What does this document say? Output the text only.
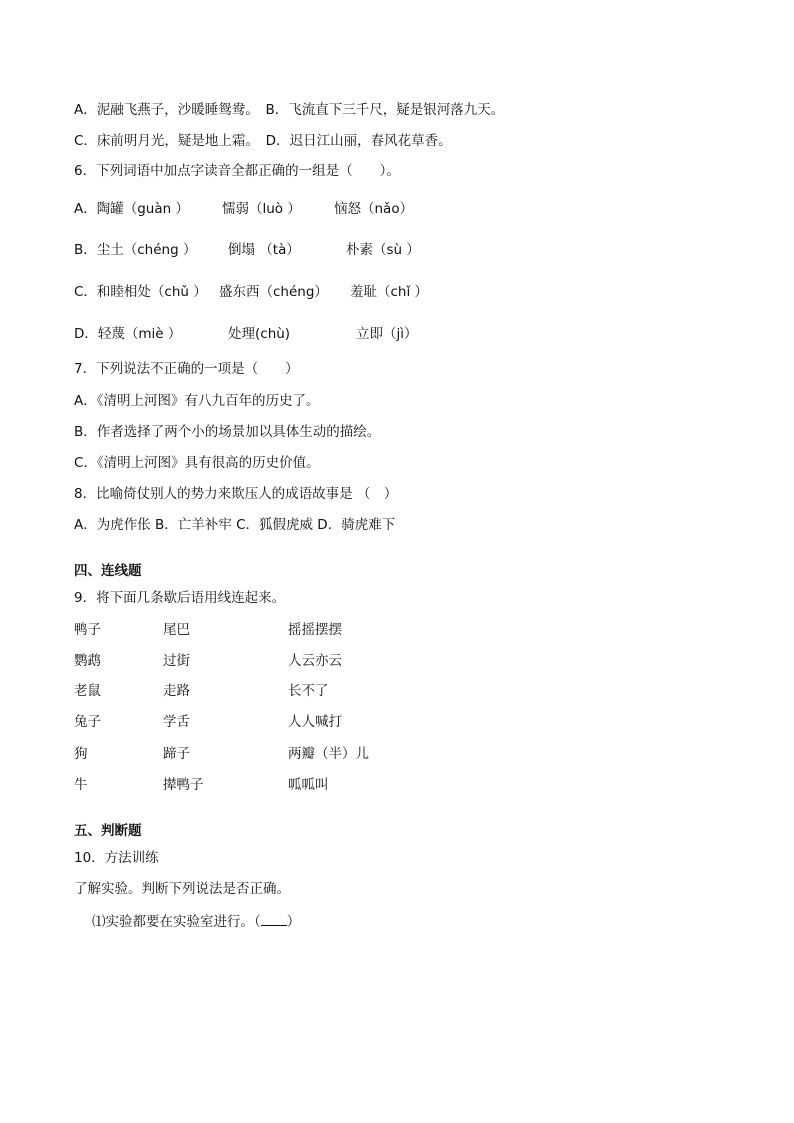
A．泥融飞燕子，沙暖睡鸳鸯。　B．飞流直下三千尺，疑是银河落九天。
C．床前明月光，疑是地上霜。　D．迟日江山丽，春风花草香。
6．下列词语中加点字读音全都正确的一组是（　　）。
A．陶罐（guàn ） 懦弱（luò ） 恼怒（nǎo）
B．尘土（chéng ） 倒塌 （tà）	朴素（sù ）
C．和睦相处（chǔ ） 盛东西（chéng） 羞耻（chǐ ）
D．轻蔑（miè ）	处理(chù)	立即（jì）
7．下列说法不正确的一项是（　　）
A．《清明上河图》有八九百年的历史了。
B．作者选择了两个小的场景加以具体生动的描绘。
C．《清明上河图》具有很高的历史价值。
8．比喻倚仗别人的势力来欺压人的成语故事是 （　）
A．为虎作伥 B．亡羊补牢 C．狐假虎威 D．骑虎难下
四、连线题
9．将下面几条歇后语用线连起来。
鸭子	尾巴	摇摇摆摆
鹦鹉	过街	人云亦云
老鼠	走路	长不了
兔子	学舌	人人喊打
狗	蹄子	两瓣（半）儿
牛	撵鸭子	呱呱叫
五、判断题
10．方法训练
了解实验。判断下列说法是否正确。
⑴实验都要在实验室进行。（ ）
